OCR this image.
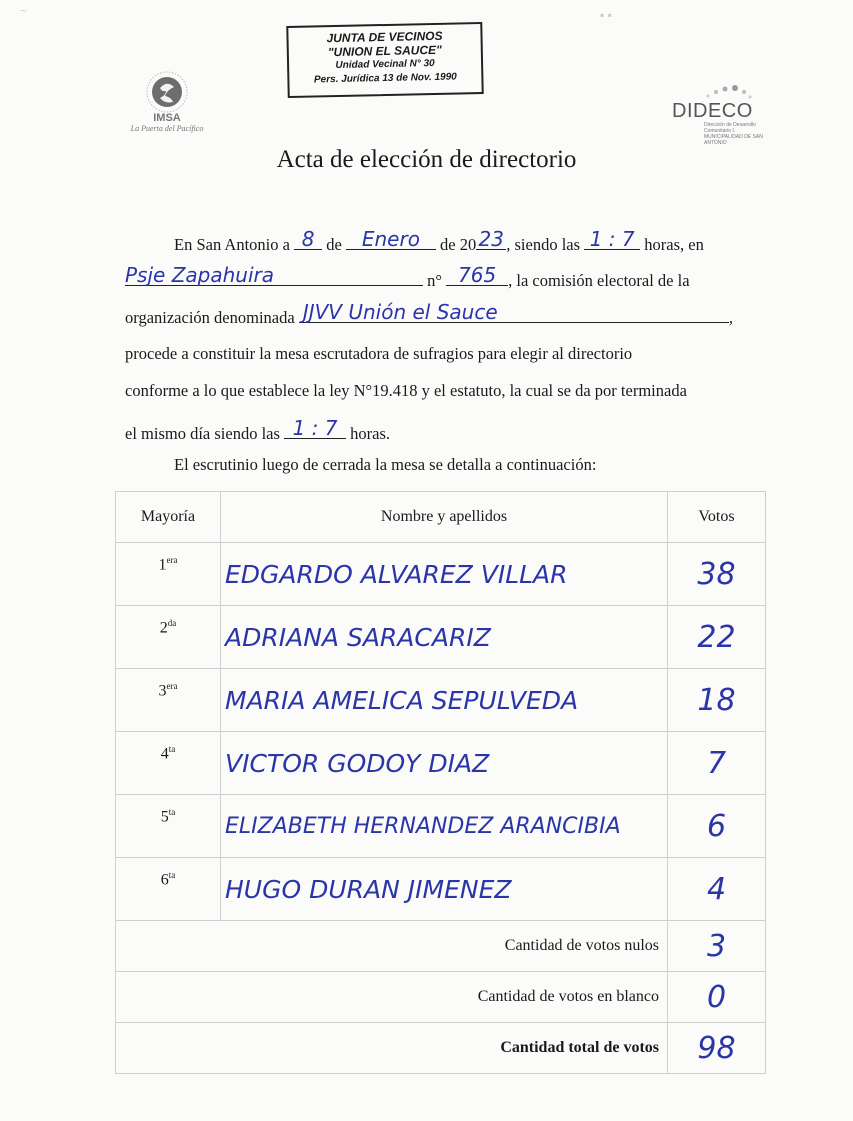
▪ ▪
~
JUNTA DE VECINOS
"UNION EL SAUCE"
Unidad Vecinal N° 30
Pers. Jurídica 13 de Nov. 1990
IMSA
La Puerta del Pacífico
DIDECO
Dirección de Desarrollo Comunitario I. MUNICIPALIDAD DE SAN ANTONIO
Acta de elección de directorio
En San Antonio a 8 de	Enero	de 20 23 , siendo las 1 : 7 horas, en
Psje Zapahuira	n° 765 , la comisión electoral de la
organización denominada JJVV Unión el Sauce	,
procede a constituir la mesa escrutadora de sufragios para elegir al directorio
conforme a lo que establece la ley N°19.418 y el estatuto, la cual se da por terminada
el mismo día siendo las 1 : 7 horas.
El escrutinio luego de cerrada la mesa se detalla a continuación:
Mayoría	Nombre y apellidos	Votos
$1^{era}$	EDGARDO ALVAREZ VILLAR	38
$2^{da}$	ADRIANA SARACARIZ	22
$3^{era}$	MARIA AMELICA SEPULVEDA	18
$4^{ta}$	VICTOR GODOY DIAZ	7
$5^{ta}$	ELIZABETH HERNANDEZ ARANCIBIA	6
$6^{ta}$	HUGO DURAN JIMENEZ	4
Cantidad de votos nulos		3
Cantidad de votos en blanco		0
Cantidad total de votos		98
